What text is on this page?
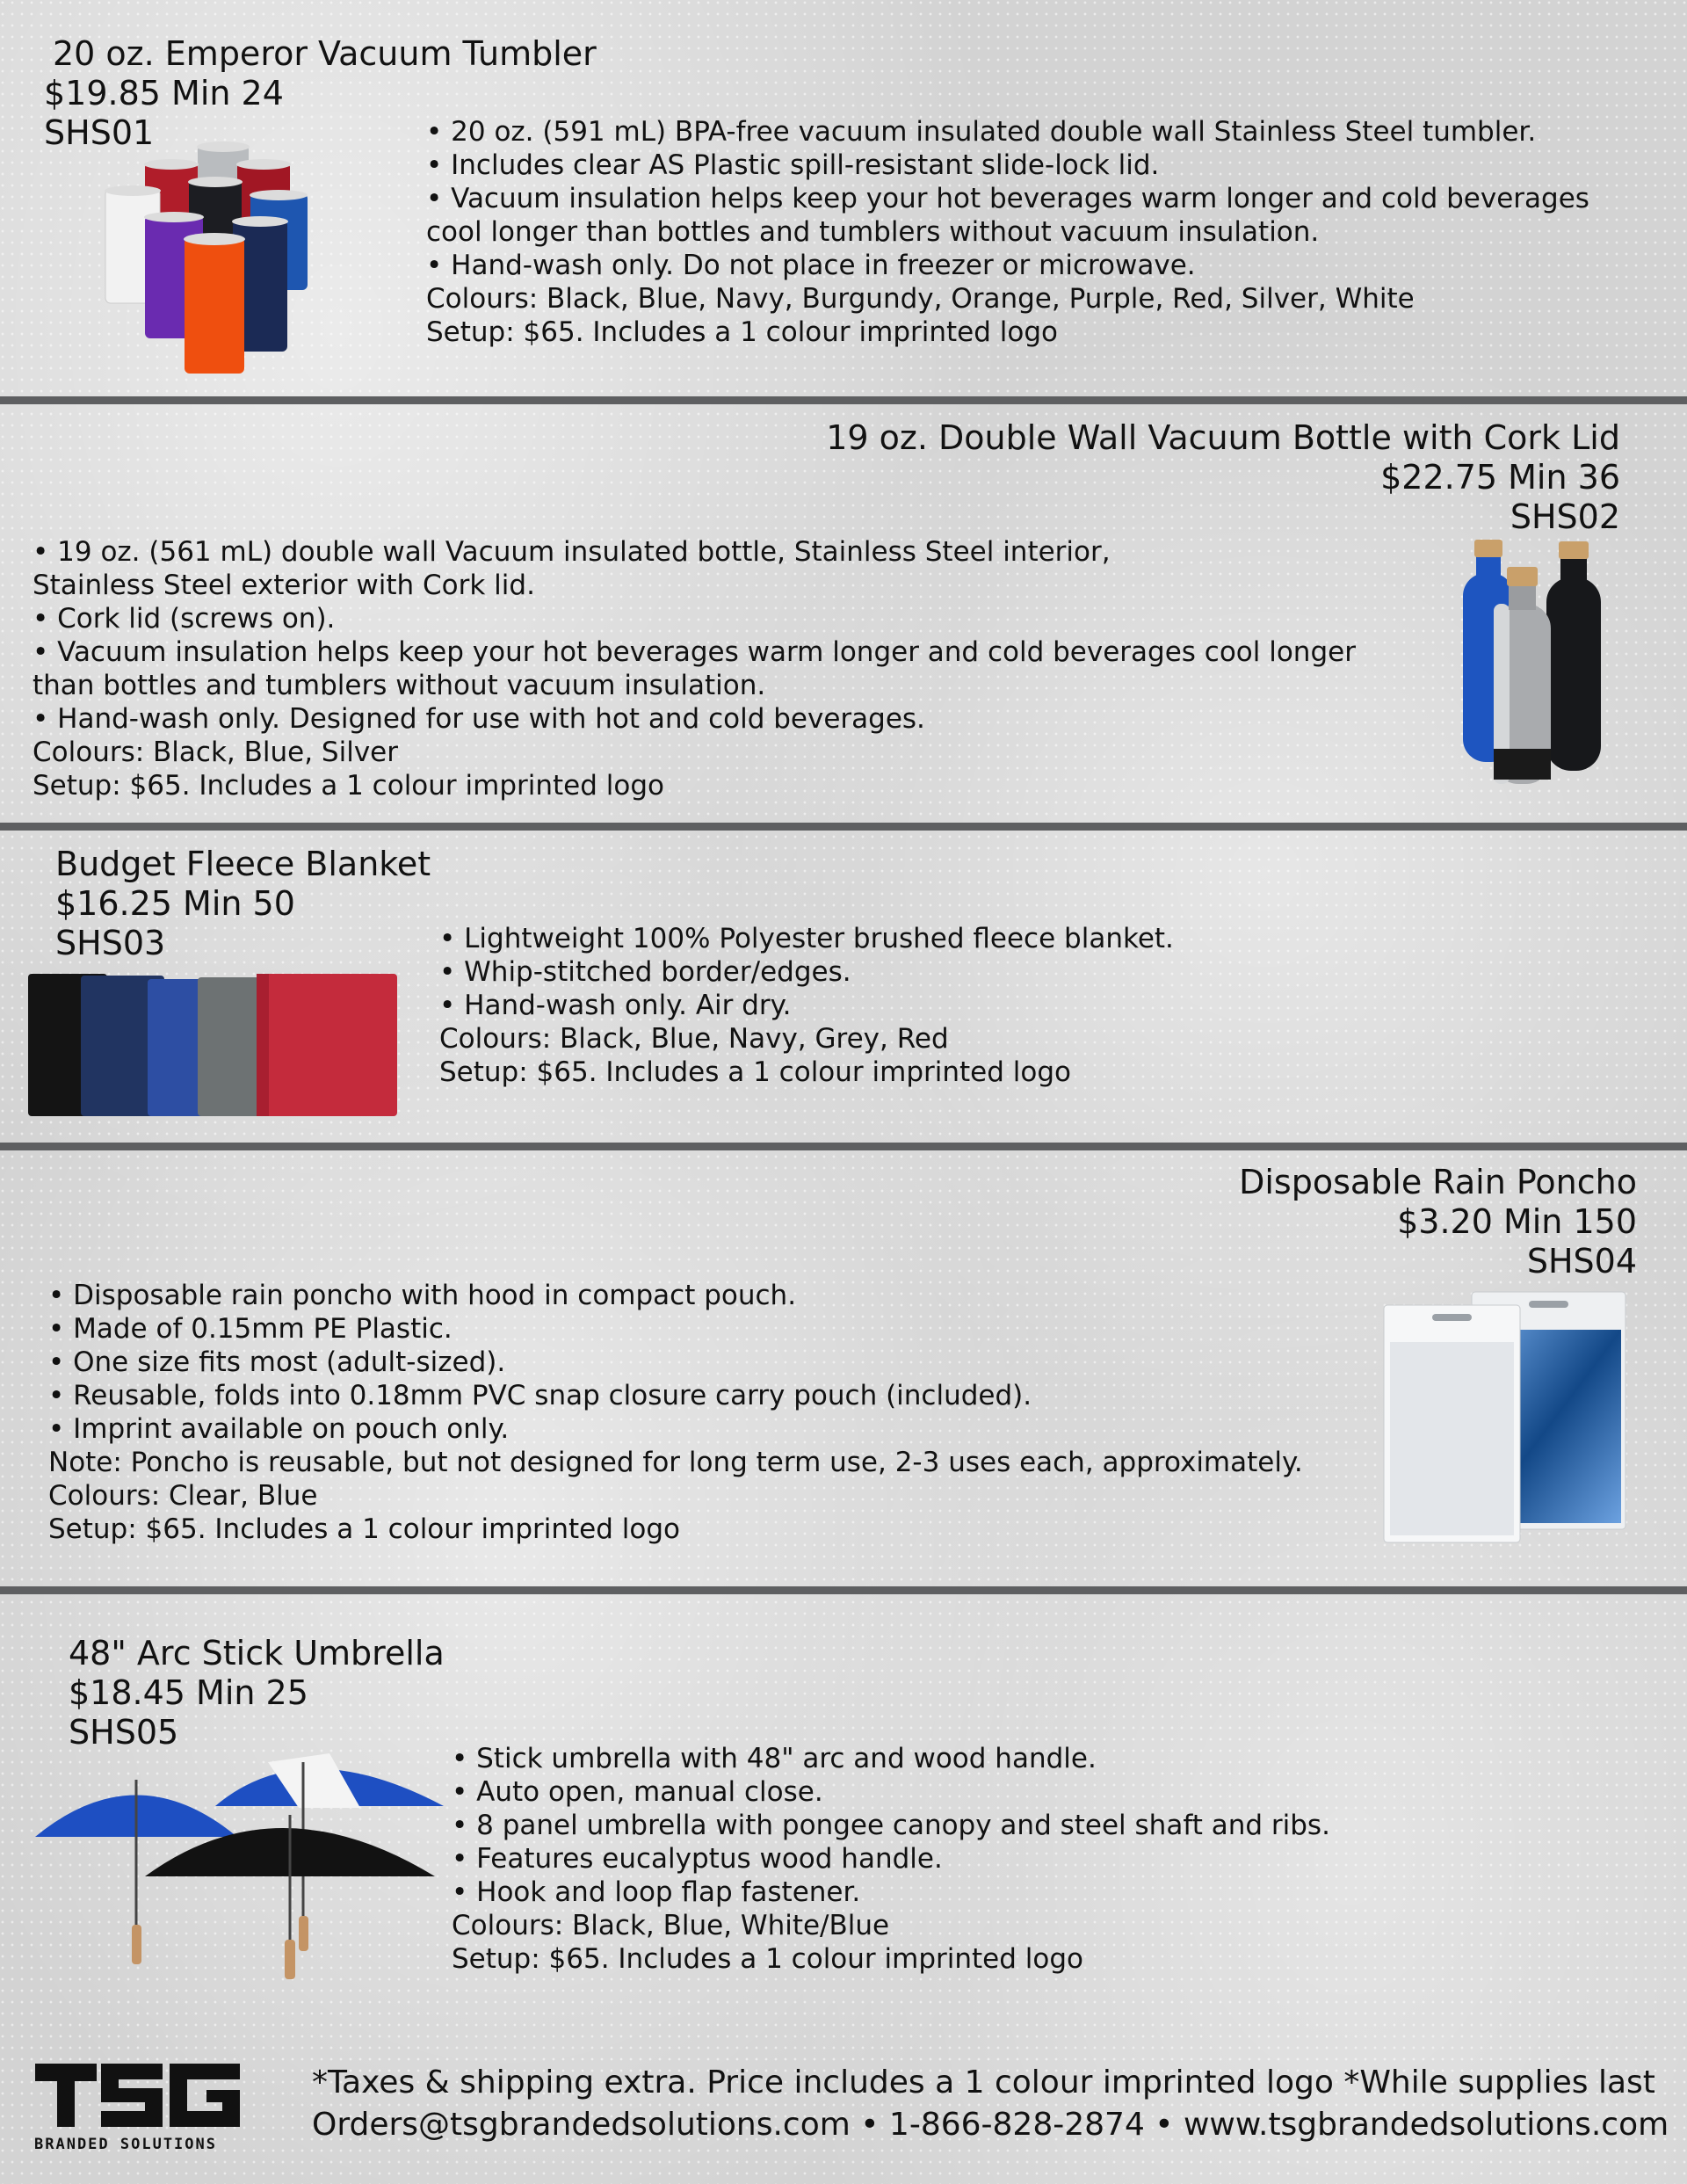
20 oz. Emperor Vacuum Tumbler
$19.85 Min 24
SHS01	• 20 oz. (591 mL) BPA-free vacuum insulated double wall Stainless Steel tumbler.
• Includes clear AS Plastic spill-resistant slide-lock lid.
• Vacuum insulation helps keep your hot beverages warm longer and cold beverages
cool longer than bottles and tumblers without vacuum insulation.
• Hand-wash only. Do not place in freezer or microwave.
Colours: Black, Blue, Navy, Burgundy, Orange, Purple, Red, Silver, White
Setup: $65. Includes a 1 colour imprinted logo
19 oz. Double Wall Vacuum Bottle with Cork Lid
$22.75 Min 36
SHS02
• 19 oz. (561 mL) double wall Vacuum insulated bottle, Stainless Steel interior,
Stainless Steel exterior with Cork lid.
• Cork lid (screws on).
• Vacuum insulation helps keep your hot beverages warm longer and cold beverages cool longer
than bottles and tumblers without vacuum insulation.
• Hand-wash only. Designed for use with hot and cold beverages.
Colours: Black, Blue, Silver
Setup: $65. Includes a 1 colour imprinted logo
Budget Fleece Blanket
$16.25 Min 50
SHS03	• Lightweight 100% Polyester brushed fleece blanket.
• Whip-stitched border/edges.
• Hand-wash only. Air dry.
Colours: Black, Blue, Navy, Grey, Red
Setup: $65. Includes a 1 colour imprinted logo
Disposable Rain Poncho
$3.20 Min 150
SHS04
• Disposable rain poncho with hood in compact pouch.
• Made of 0.15mm PE Plastic.
• One size fits most (adult-sized).
• Reusable, folds into 0.18mm PVC snap closure carry pouch (included).
• Imprint available on pouch only.
Note: Poncho is reusable, but not designed for long term use, 2-3 uses each, approximately.
Colours: Clear, Blue
Setup: $65. Includes a 1 colour imprinted logo
48" Arc Stick Umbrella
$18.45 Min 25
SHS05
• Stick umbrella with 48" arc and wood handle.
• Auto open, manual close.
• 8 panel umbrella with pongee canopy and steel shaft and ribs.
• Features eucalyptus wood handle.
• Hook and loop flap fastener.
Colours: Black, Blue, White/Blue
Setup: $65. Includes a 1 colour imprinted logo
BRANDED SOLUTIONS
*Taxes & shipping extra. Price includes a 1 colour imprinted logo *While supplies last
Orders@tsgbrandedsolutions.com • 1-866-828-2874 • www.tsgbrandedsolutions.com
